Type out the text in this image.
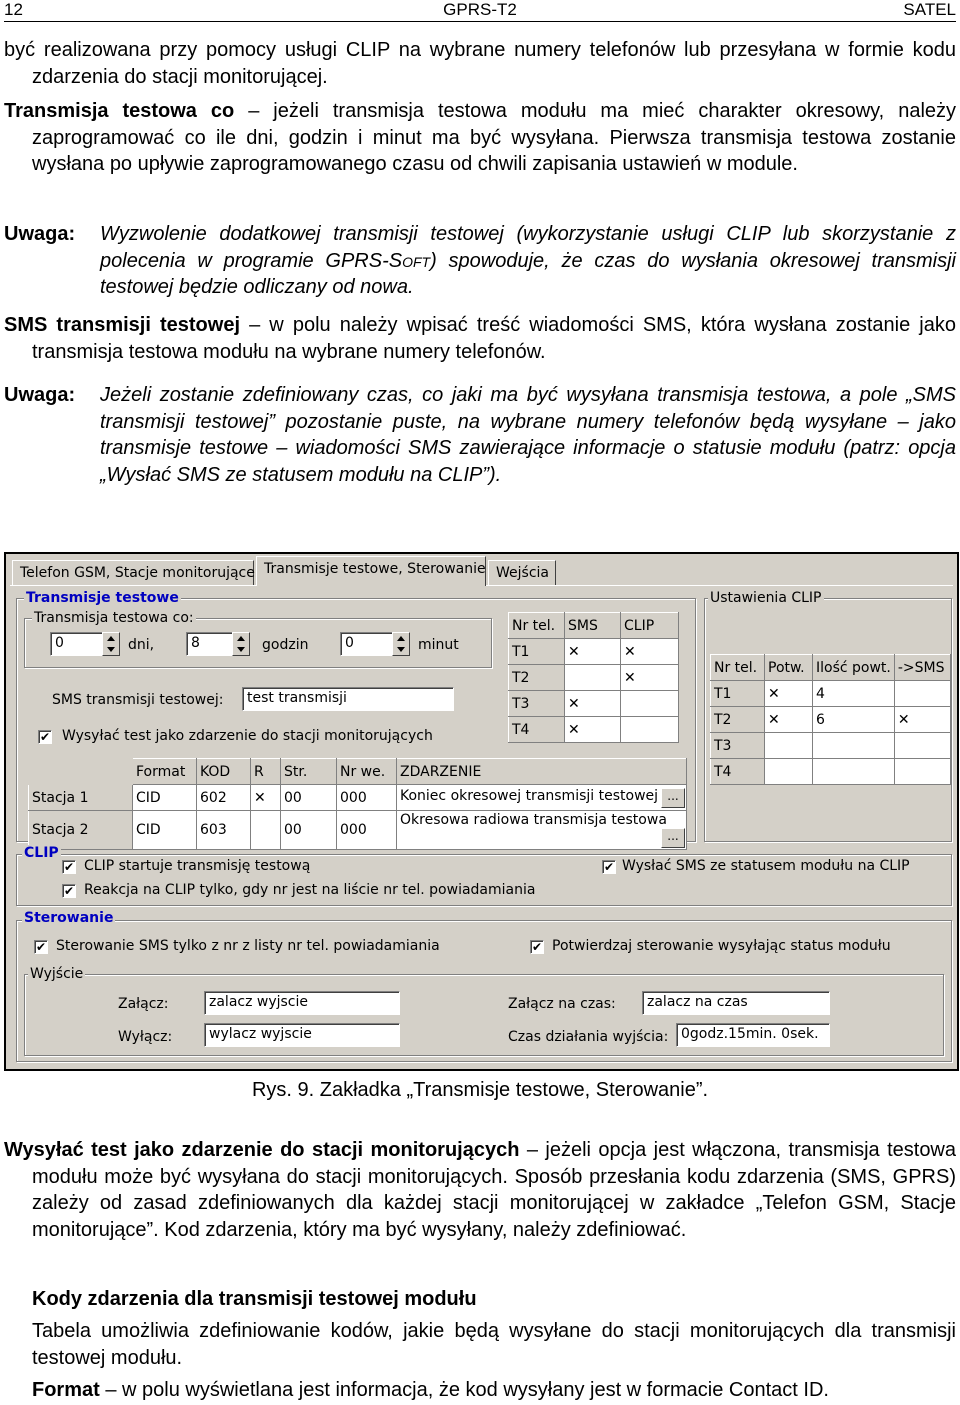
12	GPRS-T2	SATEL
być realizowana przy pomocy usługi CLIP na wybrane numery telefonów lub przesyłana w formie kodu zdarzenia do stacji monitorującej.
Transmisja testowa co – jeżeli transmisja testowa modułu ma mieć charakter okresowy, należy zaprogramować co ile dni, godzin i minut ma być wysyłana. Pierwsza transmisja testowa zostanie wysłana po upływie zaprogramowanego czasu od chwili zapisania ustawień w module.
Uwaga: Wyzwolenie dodatkowej transmisji testowej (wykorzystanie usługi CLIP lub skorzystanie z polecenia w programie GPRS-Soft) spowoduje, że czas do wysłania okresowej transmisji testowej będzie odliczany od nowa.
SMS transmisji testowej – w polu należy wpisać treść wiadomości SMS, która wysłana zostanie jako transmisja testowa modułu na wybrane numery telefonów.
Uwaga: Jeżeli zostanie zdefiniowany czas, co jaki ma być wysyłana transmisja testowa, a pole „SMS transmisji testowej” pozostanie puste, na wybrane numery telefonów będą wysyłane – jako transmisje testowe – wiadomości SMS zawierające informacje o statusie modułu (patrz: opcja „Wysłać SMS ze statusem modułu na CLIP”).
Telefon GSM, Stacje monitorujące Transmisje testowe, Sterowanie Wejścia
Transmisje testowe
Transmisja testowa co:
0	dni,	8	godzin	0	minut
SMS transmisji testowej:	test transmisji
✔ Wysyłać test jako zdarzenie do stacji monitorujących
Nr tel.	SMS	CLIP
T1	✕	✕
T2		✕
T3	✕	
T4	✕	
	Format	KOD	R	Str.	Nr we.	ZDARZENIE
Stacja 1	CID	602	✕	00	000	Koniec okresowej transmisji testowej ...

Stacja 2	CID	603		00	000	Okresowa radiowa transmisja testowa
...
Ustawienia CLIP
Nr tel.	Potw.	Ilość powt.	->SMS
T1	✕	4	
T2	✕	6	✕
T3			
T4			
CLIP
✔ CLIP startuje transmisję testową
✔ Reakcja na CLIP tylko, gdy nr jest na liście nr tel. powiadamiania
✔ Wysłać SMS ze statusem modułu na CLIP
Sterowanie
✔ Sterowanie SMS tylko z nr z listy nr tel. powiadamiania	✔ Potwierdzaj sterowanie wysyłając status modułu
Wyjście
Załącz:	zalacz wyjscie
Wyłącz:	wylacz wyjscie
Załącz na czas:	zalacz na czas
Czas działania wyjścia: 0godz.15min. 0sek.
Rys. 9. Zakładka „Transmisje testowe, Sterowanie”.
Wysyłać test jako zdarzenie do stacji monitorujących – jeżeli opcja jest włączona, transmisja testowa modułu może być wysyłana do stacji monitorujących. Sposób przesłania kodu zdarzenia (SMS, GPRS) zależy od zasad zdefiniowanych dla każdej stacji monitorującej w zakładce „Telefon GSM, Stacje monitorujące”. Kod zdarzenia, który ma być wysyłany, należy zdefiniować.
Kody zdarzenia dla transmisji testowej modułu
Tabela umożliwia zdefiniowanie kodów, jakie będą wysyłane do stacji monitorujących dla transmisji testowej modułu.
Format – w polu wyświetlana jest informacja, że kod wysyłany jest w formacie Contact ID.
